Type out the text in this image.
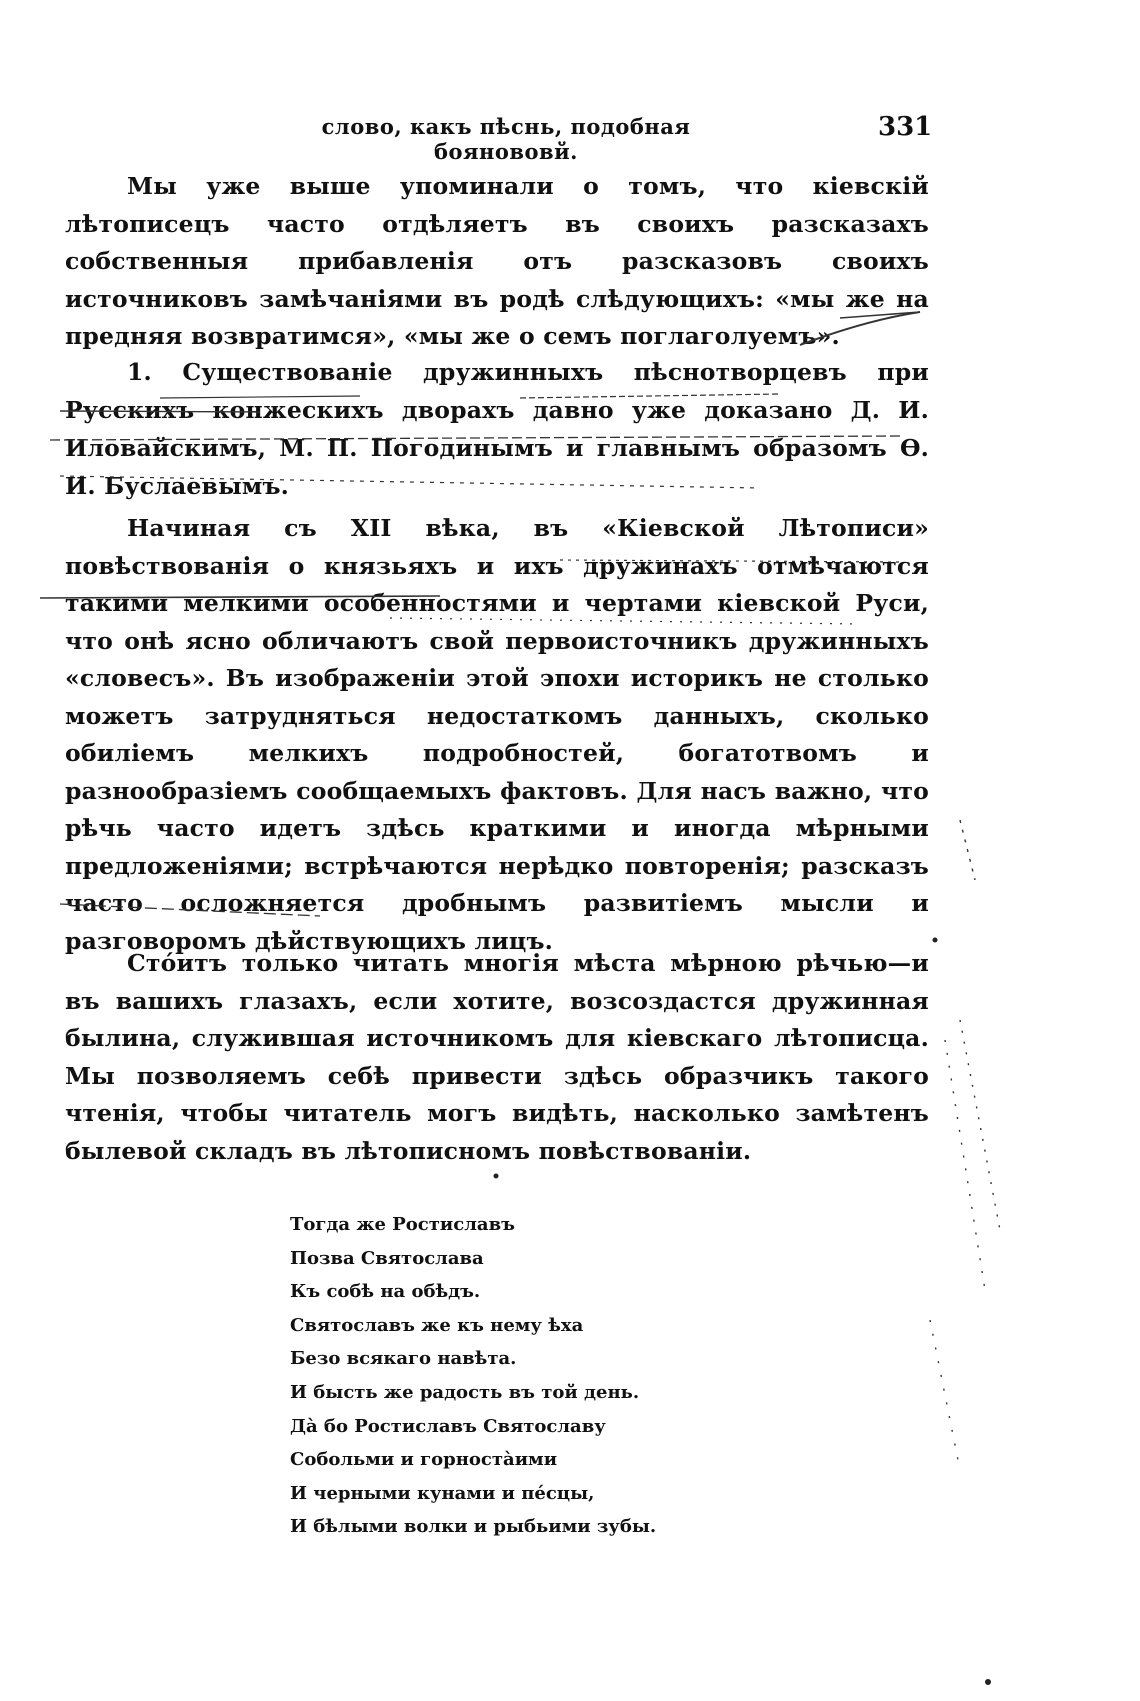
слово, какъ пѣснь, подобная боянововй.
331

Мы уже выше упоминали о томъ, что кіевскій лѣтописецъ часто отдѣляетъ въ своихъ разсказахъ собственныя прибавленія отъ разсказовъ своихъ источниковъ замѣчаніями въ родѣ слѣдующихъ: «мы же на предняя возвратимся», «мы же о семъ поглаголуемъ».

1. Существованіе дружинныхъ пѣснотворцевъ при Русскихъ конжескихъ дворахъ давно уже доказано Д. И. Иловайскимъ, М. П. Погодинымъ и главнымъ образомъ Ѳ. И. Буслаевымъ.

Начиная съ XII вѣка, въ «Кіевской Лѣтописи» повѣствованія о князьяхъ и ихъ дружинахъ отмѣчаются такими мелкими особенностями и чертами кіевской Руси, что онѣ ясно обличаютъ свой первоисточникъ дружинныхъ «словесъ». Въ изображеніи этой эпохи историкъ не столько можетъ затрудняться недостаткомъ данныхъ, сколько обиліемъ мелкихъ подробностей, богатотвомъ и разнообразіемъ сообщаемыхъ фактовъ. Для насъ важно, что рѣчь часто идетъ здѣсь краткими и иногда мѣрными предложеніями; встрѣчаются нерѣдко повторенія; разсказъ часто осложняется дробнымъ развитіемъ мысли и разговоромъ дѣйствующихъ лицъ.

Стóитъ только читать многія мѣста мѣрною рѣчью—и въ вашихъ глазахъ, если хотите, возсоздастся дружинная былина, служившая источникомъ для кіевскаго лѣтописца. Мы позволяемъ себѣ привести здѣсь образчикъ такого чтенія, чтобы читатель могъ видѣть, насколько замѣтенъ былевой складъ въ лѣтописномъ повѣствованіи.

Тогда же Ростиславъ
Позва Святослава
Къ собѣ на обѣдъ.
Святославъ же къ нему ѣха
Безо всякаго навѣта.
И бысть же радость въ той день.
Дà бо Ростиславъ Святославу
Собольми и горностàими
И черными кунами и пéсцы,
И бѣлыми волки и рыбьими зубы.
